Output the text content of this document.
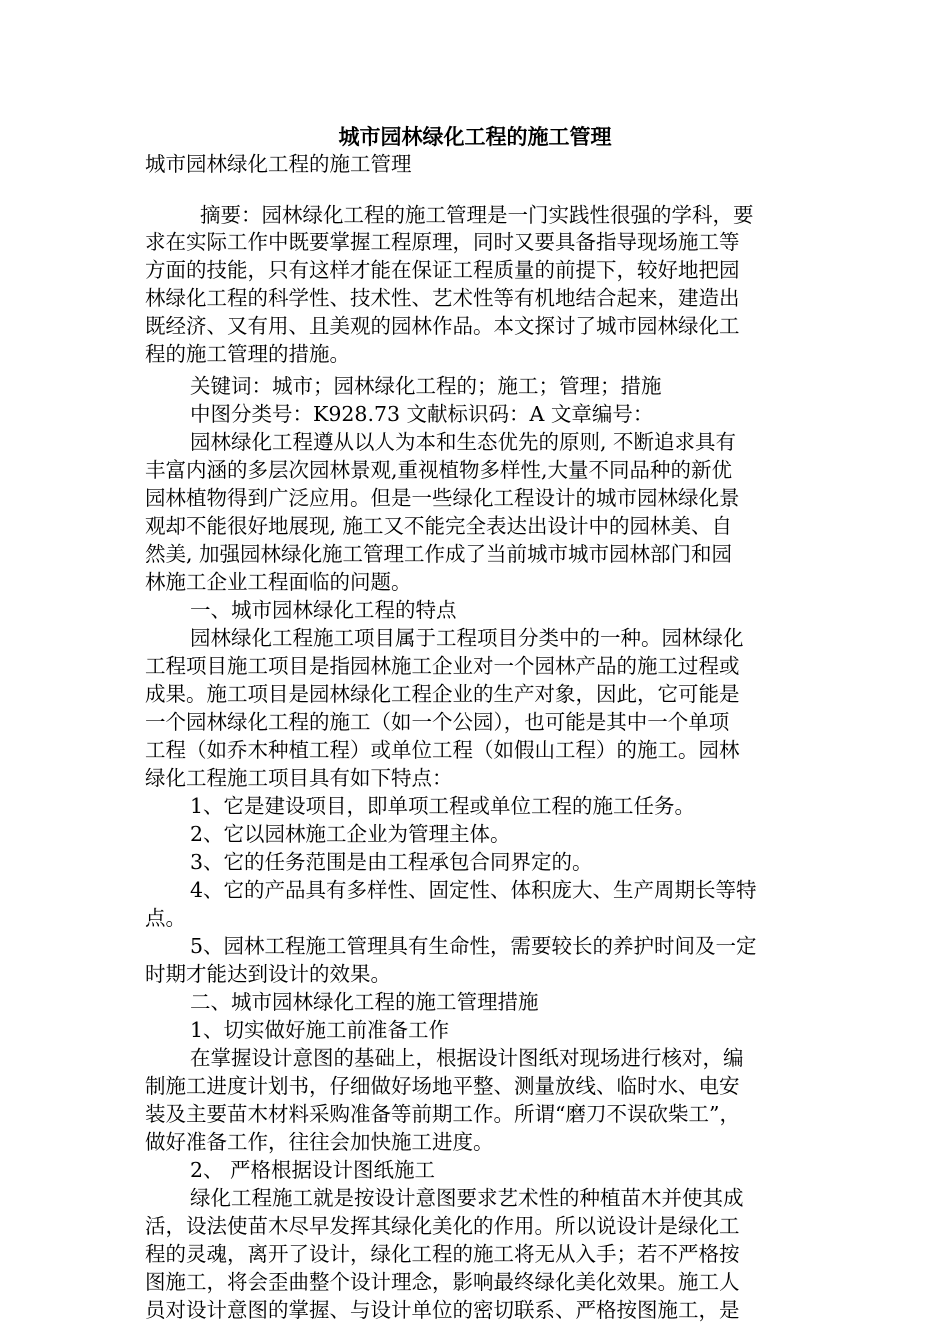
城市园林绿化工程的施工管理
城市园林绿化工程的施工管理
摘要：园林绿化工程的施工管理是一门实践性很强的学科，要
求在实际工作中既要掌握工程原理，同时又要具备指导现场施工等
方面的技能，只有这样才能在保证工程质量的前提下，较好地把园
林绿化工程的科学性、技术性、艺术性等有机地结合起来，建造出
既经济、又有用、且美观的园林作品。本文探讨了城市园林绿化工
程的施工管理的措施。
关键词：城市；园林绿化工程的；施工；管理；措施
中图分类号：K928.73 文献标识码：A 文章编号：
园林绿化工程遵从以人为本和生态优先的原则, 不断追求具有
丰富内涵的多层次园林景观,重视植物多样性,大量不同品种的新优
园林植物得到广泛应用。但是一些绿化工程设计的城市园林绿化景
观却不能很好地展现, 施工又不能完全表达出设计中的园林美、自
然美, 加强园林绿化施工管理工作成了当前城市城市园林部门和园
林施工企业工程面临的问题。
一、城市园林绿化工程的特点
园林绿化工程施工项目属于工程项目分类中的一种。园林绿化
工程项目施工项目是指园林施工企业对一个园林产品的施工过程或
成果。施工项目是园林绿化工程企业的生产对象，因此，它可能是
一个园林绿化工程的施工（如一个公园），也可能是其中一个单项
工程（如乔木种植工程）或单位工程（如假山工程）的施工。园林
绿化工程施工项目具有如下特点：
1、它是建设项目，即单项工程或单位工程的施工任务。
2、它以园林施工企业为管理主体。
3、它的任务范围是由工程承包合同界定的。
4、它的产品具有多样性、固定性、体积庞大、生产周期长等特
点。
5、园林工程施工管理具有生命性，需要较长的养护时间及一定
时期才能达到设计的效果。
二、城市园林绿化工程的施工管理措施
1、切实做好施工前准备工作
在掌握设计意图的基础上，根据设计图纸对现场进行核对，编
制施工进度计划书，仔细做好场地平整、测量放线、临时水、电安
装及主要苗木材料采购准备等前期工作。所谓“磨刀不误砍柴工”，
做好准备工作，往往会加快施工进度。
2、 严格根据设计图纸施工
绿化工程施工就是按设计意图要求艺术性的种植苗木并使其成
活，设法使苗木尽早发挥其绿化美化的作用。所以说设计是绿化工
程的灵魂，离开了设计，绿化工程的施工将无从入手；若不严格按
图施工，将会歪曲整个设计理念，影响最终绿化美化效果。施工人
员对设计意图的掌握、与设计单位的密切联系、严格按图施工，是
